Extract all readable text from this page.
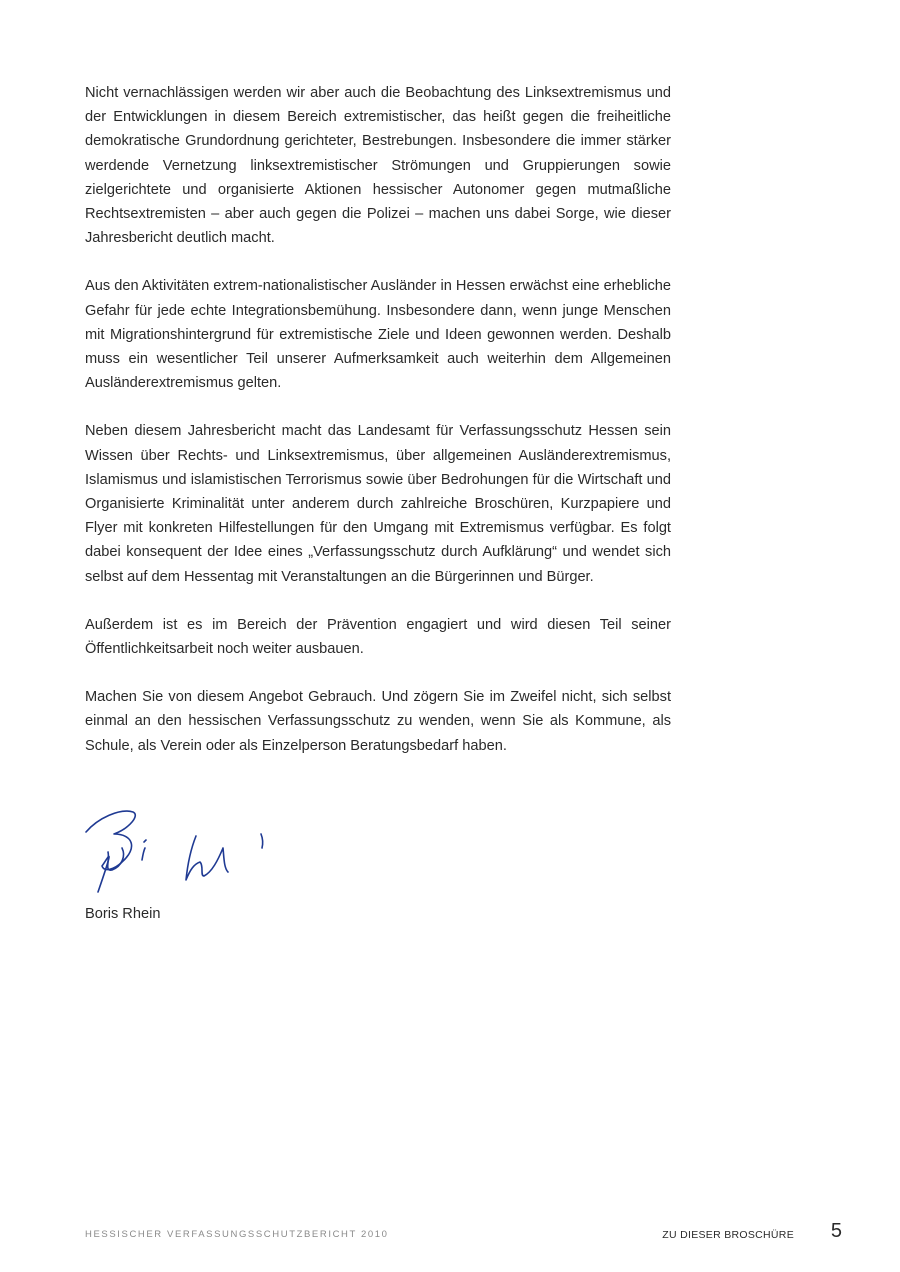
Nicht vernachlässigen werden wir aber auch die Beobachtung des Linksextremismus und der Entwicklungen in diesem Bereich extremistischer, das heißt gegen die freiheitliche demokratische Grundordnung gerichteter, Bestrebungen. Insbesondere die immer stärker werdende Vernetzung linksextremistischer Strömungen und Gruppierungen sowie zielgerichtete und organisierte Aktionen hessischer Autonomer gegen mutmaßliche Rechtsextremisten – aber auch gegen die Polizei – machen uns dabei Sorge, wie dieser Jahresbericht deutlich macht.

Aus den Aktivitäten extrem-nationalistischer Ausländer in Hessen erwächst eine erhebliche Gefahr für jede echte Integrationsbemühung. Insbesondere dann, wenn junge Menschen mit Migrationshintergrund für extremistische Ziele und Ideen gewonnen werden. Deshalb muss ein wesentlicher Teil unserer Aufmerksamkeit auch weiterhin dem Allgemeinen Ausländerextremismus gelten.

Neben diesem Jahresbericht macht das Landesamt für Verfassungsschutz Hessen sein Wissen über Rechts- und Linksextremismus, über allgemeinen Ausländerextremismus, Islamismus und islamistischen Terrorismus sowie über Bedrohungen für die Wirtschaft und Organisierte Kriminalität unter anderem durch zahlreiche Broschüren, Kurzpapiere und Flyer mit konkreten Hilfestellungen für den Umgang mit Extremismus verfügbar. Es folgt dabei konsequent der Idee eines „Verfassungsschutz durch Aufklärung“ und wendet sich selbst auf dem Hessentag mit Veranstaltungen an die Bürgerinnen und Bürger.

Außerdem ist es im Bereich der Prävention engagiert und wird diesen Teil seiner Öffentlichkeitsarbeit noch weiter ausbauen.

Machen Sie von diesem Angebot Gebrauch. Und zögern Sie im Zweifel nicht, sich selbst einmal an den hessischen Verfassungsschutz zu wenden, wenn Sie als Kommune, als Schule, als Verein oder als Einzelperson Beratungsbedarf haben.

Boris Rhein
HESSISCHER VERFASSUNGSSCHUTZBERICHT 2010	ZU DIESER BROSCHÜRE 5
